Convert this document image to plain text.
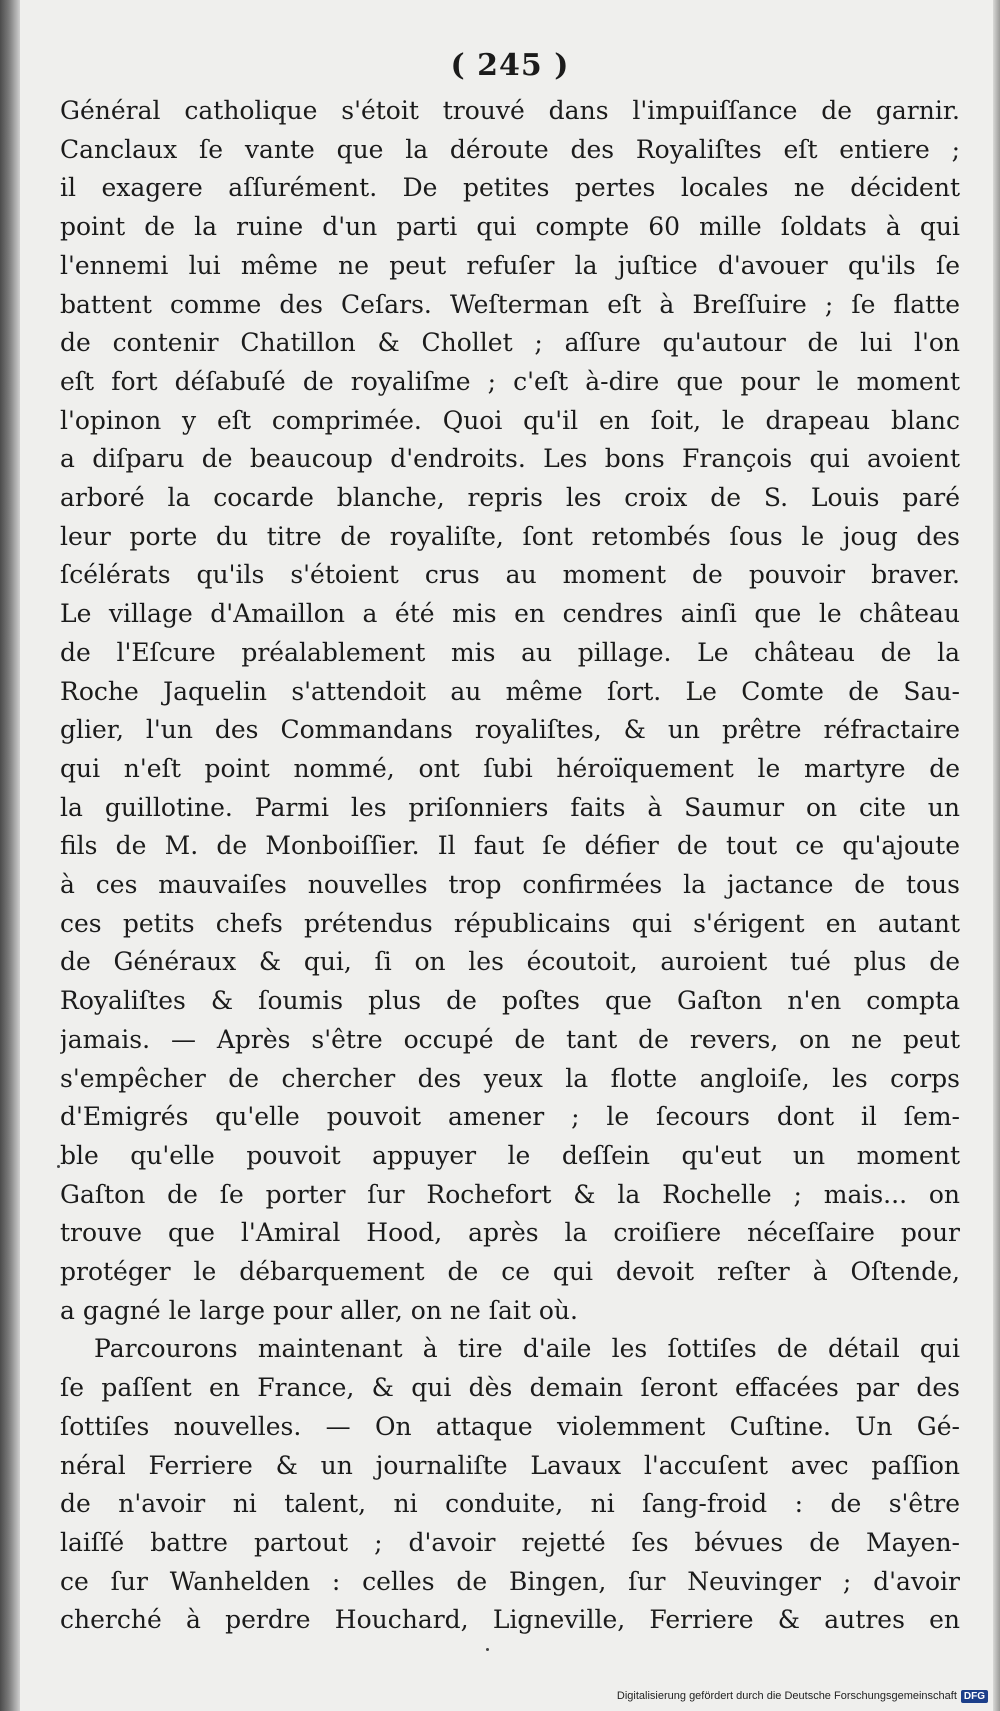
( 245 )
Général catholique s'étoit trouvé dans l'impuiſſance de garnir.
Canclaux ſe vante que la déroute des Royaliſtes eſt entiere ;
il exagere aſſurément. De petites pertes locales ne décident
point de la ruine d'un parti qui compte 60 mille ſoldats à qui
l'ennemi lui même ne peut refuſer la juſtice d'avouer qu'ils ſe
battent comme des Ceſars. Weſterman eſt à Breſſuire ; ſe flatte
de contenir Chatillon & Chollet ; aſſure qu'autour de lui l'on
eſt fort déſabuſé de royaliſme ; c'eſt à-dire que pour le moment
l'opinon y eſt comprimée. Quoi qu'il en ſoit, le drapeau blanc
a diſparu de beaucoup d'endroits. Les bons François qui avoient
arboré la cocarde blanche, repris les croix de S. Louis paré
leur porte du titre de royaliſte, ſont retombés ſous le joug des
ſcélérats qu'ils s'étoient crus au moment de pouvoir braver.
Le village d'Amaillon a été mis en cendres ainſi que le château
de l'Eſcure préalablement mis au pillage. Le château de la
Roche Jaquelin s'attendoit au même ſort. Le Comte de Sau-
glier, l'un des Commandans royaliſtes, & un prêtre réfractaire
qui n'eſt point nommé, ont ſubi héroïquement le martyre de
la guillotine. Parmi les priſonniers faits à Saumur on cite un
fils de M. de Monboiſſier. Il faut ſe défier de tout ce qu'ajoute
à ces mauvaiſes nouvelles trop confirmées la jactance de tous
ces petits chefs prétendus républicains qui s'érigent en autant
de Généraux & qui, ſi on les écoutoit, auroient tué plus de
Royaliſtes & ſoumis plus de poſtes que Gaſton n'en compta
jamais. — Après s'être occupé de tant de revers, on ne peut
s'empêcher de chercher des yeux la flotte angloiſe, les corps
d'Emigrés qu'elle pouvoit amener ; le ſecours dont il ſem-
ble qu'elle pouvoit appuyer le deſſein qu'eut un moment
Gaſton de ſe porter ſur Rochefort & la Rochelle ; mais... on
trouve que l'Amiral Hood, après la croiſiere néceſſaire pour
protéger le débarquement de ce qui devoit reſter à Oſtende,
a gagné le large pour aller, on ne ſait où.
Parcourons maintenant à tire d'aile les ſottiſes de détail qui
ſe paſſent en France, & qui dès demain ſeront effacées par des
ſottiſes nouvelles. — On attaque violemment Cuſtine. Un Gé-
néral Ferriere & un journaliſte Lavaux l'accuſent avec paſſion
de n'avoir ni talent, ni conduite, ni ſang-froid : de s'être
laiſſé battre partout ; d'avoir rejetté ſes bévues de Mayen-
ce ſur Wanhelden : celles de Bingen, ſur Neuvinger ; d'avoir
cherché à perdre Houchard, Ligneville, Ferriere & autres en
Digitalisierung gefördert durch die Deutsche Forschungsgemeinschaft DFG
